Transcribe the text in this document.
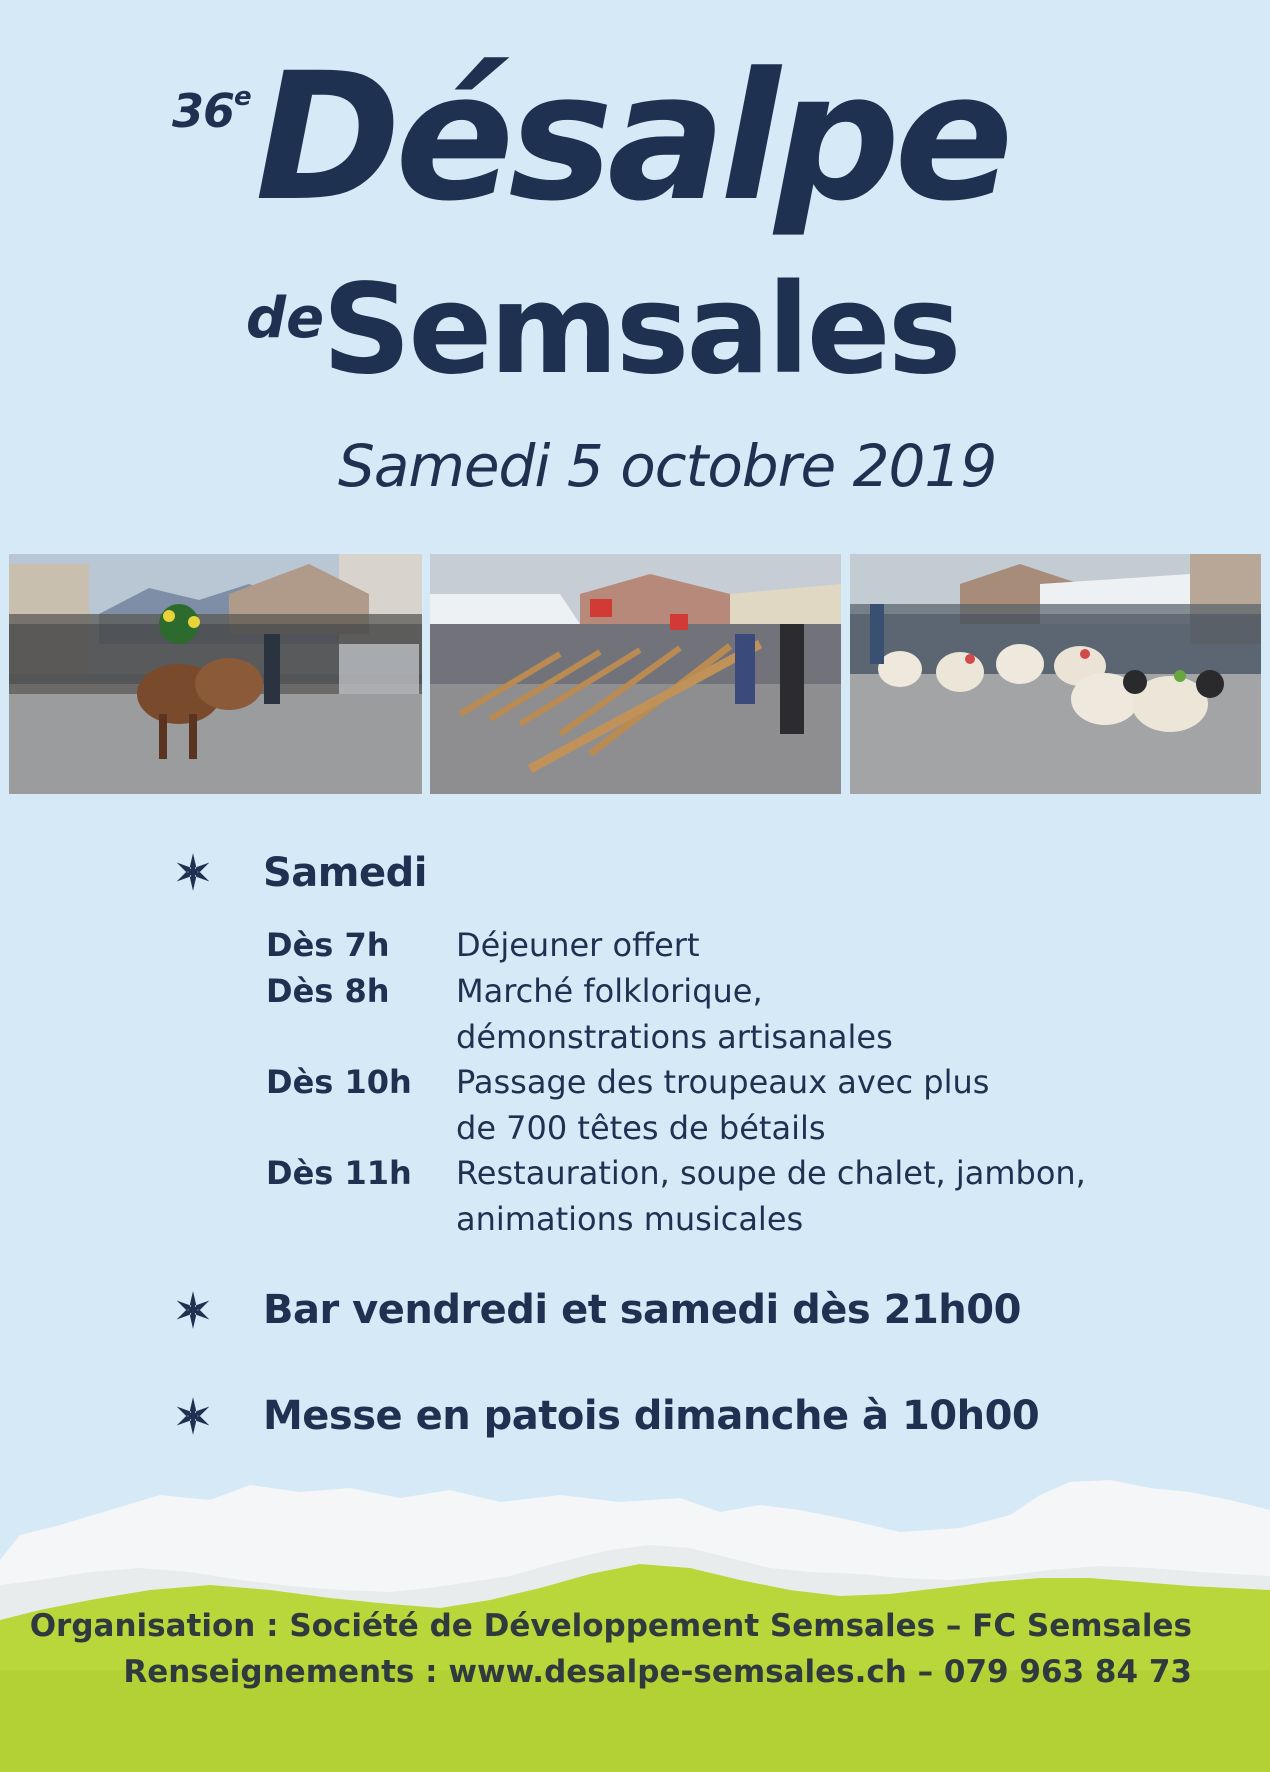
36e Désalpe
de
Semsales
Samedi 5 octobre 2019
Samedi
Dès 7h Déjeuner offert
Dès 8h Marché folklorique,
démonstrations artisanales
Dès 10h Passage des troupeaux avec plus
de 700 têtes de bétails
Dès 11h Restauration, soupe de chalet, jambon,
animations musicales
Bar vendredi et samedi dès 21h00
Messe en patois dimanche à 10h00
Organisation : Société de Développement Semsales – FC Semsales
Renseignements : www.desalpe-semsales.ch – 079 963 84 73
